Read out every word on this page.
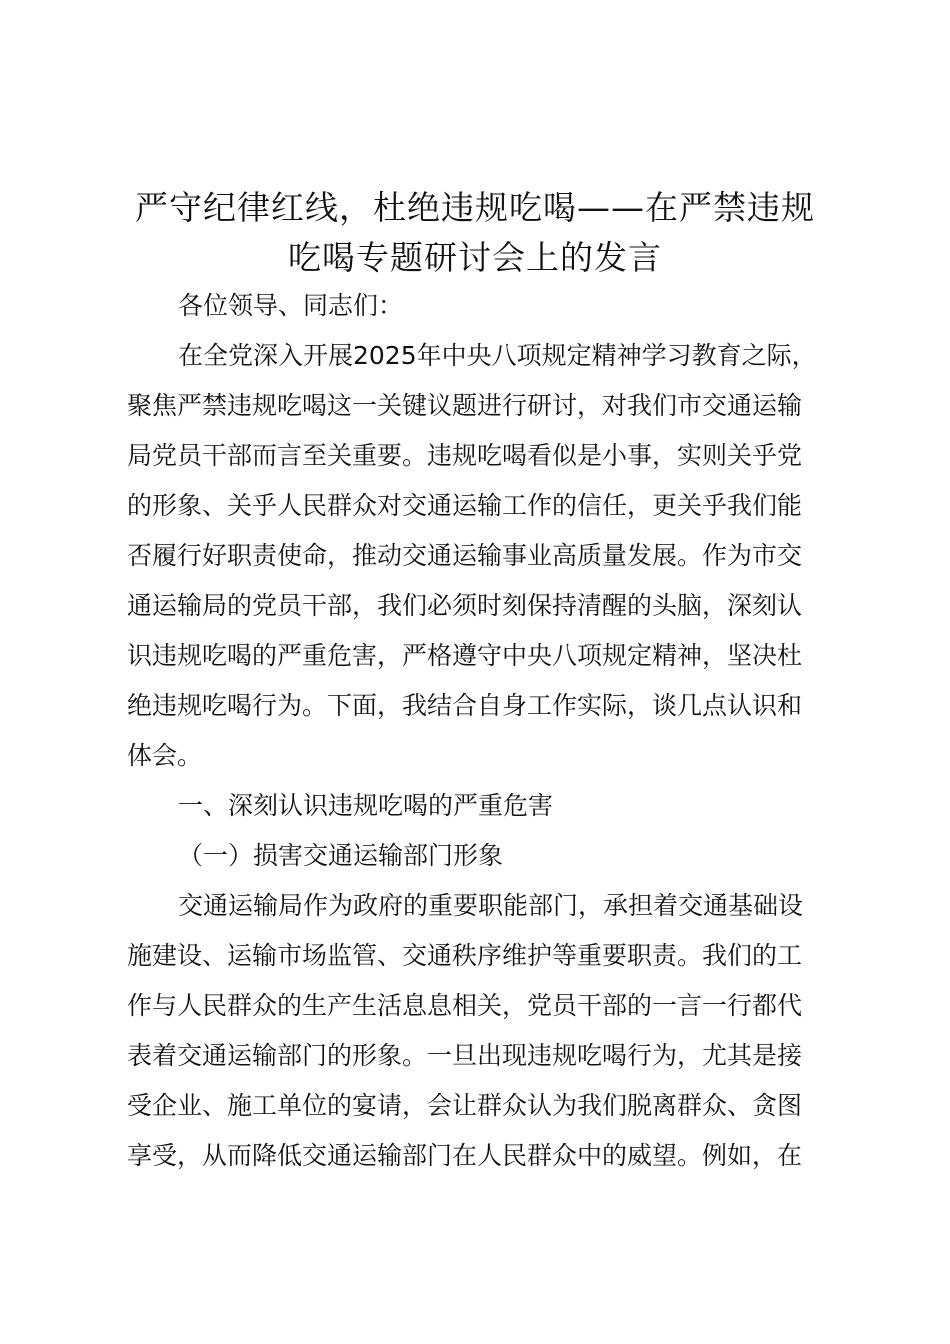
严守纪律红线，杜绝违规吃喝——在严禁违规
吃喝专题研讨会上的发言

各位领导、同志们：

在全党深入开展2025年中央八项规定精神学习教育之际，

聚焦严禁违规吃喝这一关键议题进行研讨，对我们市交通运输

局党员干部而言至关重要。违规吃喝看似是小事，实则关乎党

的形象、关乎人民群众对交通运输工作的信任，更关乎我们能

否履行好职责使命，推动交通运输事业高质量发展。作为市交

通运输局的党员干部，我们必须时刻保持清醒的头脑，深刻认

识违规吃喝的严重危害，严格遵守中央八项规定精神，坚决杜

绝违规吃喝行为。下面，我结合自身工作实际，谈几点认识和

体会。

一、深刻认识违规吃喝的严重危害

（一）损害交通运输部门形象

交通运输局作为政府的重要职能部门，承担着交通基础设

施建设、运输市场监管、交通秩序维护等重要职责。我们的工

作与人民群众的生产生活息息相关，党员干部的一言一行都代

表着交通运输部门的形象。一旦出现违规吃喝行为，尤其是接

受企业、施工单位的宴请，会让群众认为我们脱离群众、贪图

享受，从而降低交通运输部门在人民群众中的威望。例如，在
